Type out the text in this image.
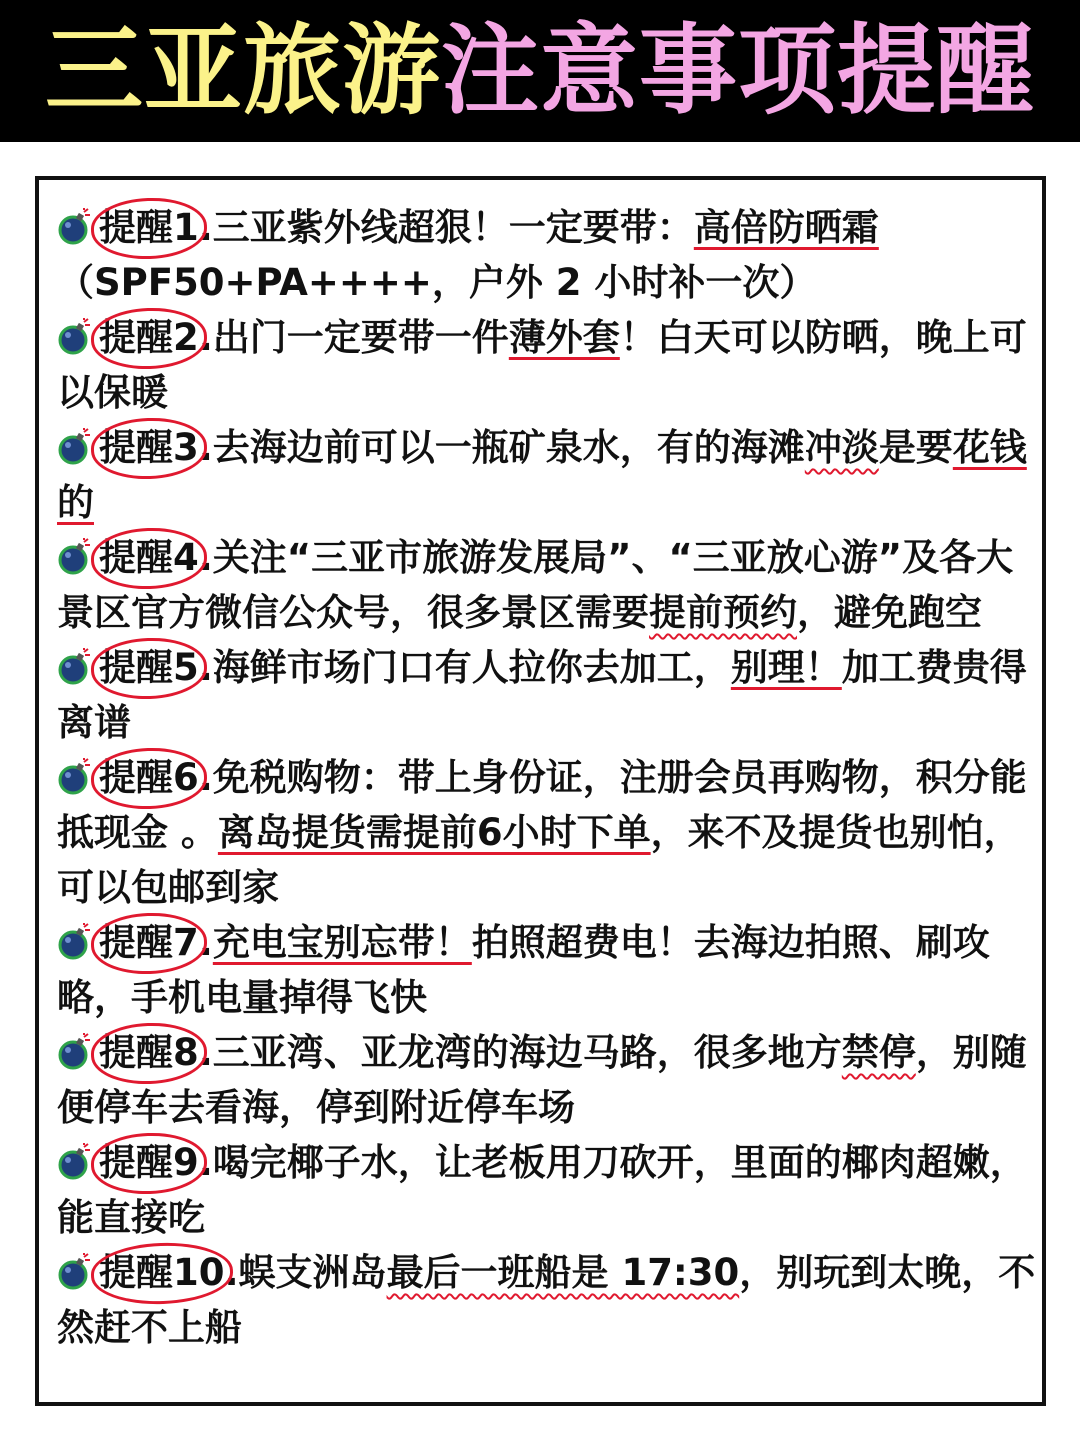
三亚旅游 注意事项提醒

提醒1
.三亚紫外线超狠！一定要带：高倍防晒霜（SPF50+PA++++，户外 2 小时补一次）

提醒2
.出门一定要带一件薄外套！白天可以防晒，晚上可以保暖

提醒3
.去海边前可以一瓶矿泉水，有的海滩冲淡是要花钱的

提醒4
.关注“三亚市旅游发展局”、“三亚放心游”及各大景区官方微信公众号，很多景区需要提前预约，避免跑空

提醒5
.海鲜市场门口有人拉你去加工，别理！加工费贵得离谱

提醒6
.免税购物：带上身份证，注册会员再购物，积分能抵现金 。离岛提货需提前6小时下单，来不及提货也别怕，可以包邮到家

提醒7
.充电宝别忘带！拍照超费电！去海边拍照、刷攻略，手机电量掉得飞快

提醒8
.三亚湾、亚龙湾的海边马路，很多地方禁停，别随便停车去看海，停到附近停车场

提醒9
.喝完椰子水，让老板用刀砍开，里面的椰肉超嫩，能直接吃

提醒10
.蜈支洲岛最后一班船是 17:30，别玩到太晚，不然赶不上船
